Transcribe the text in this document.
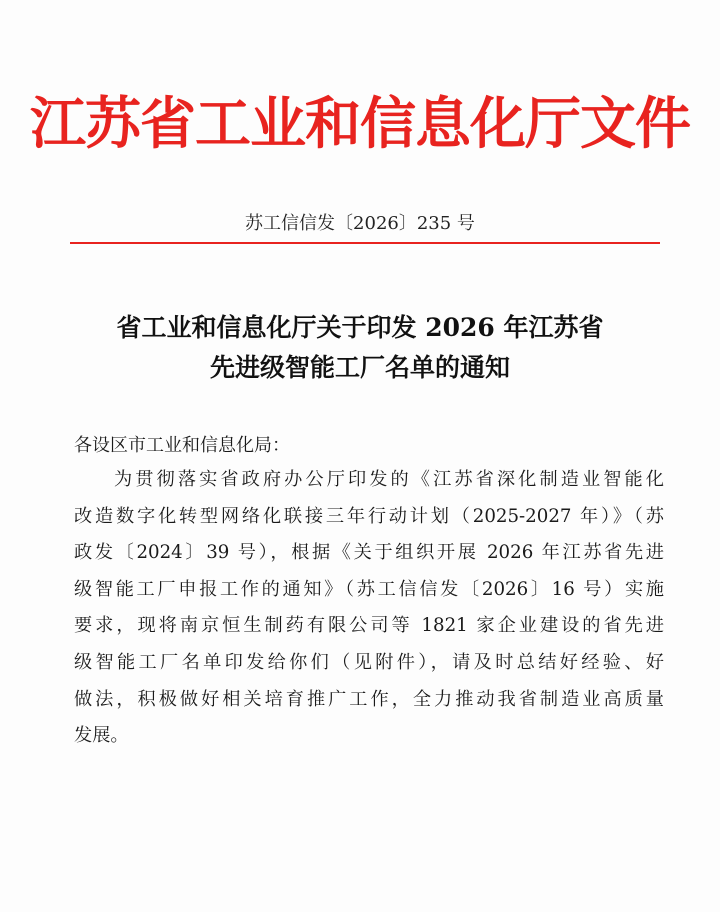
江苏省工业和信息化厅文件
苏工信信发〔2026〕235 号
省工业和信息化厅关于印发 2026 年江苏省
先进级智能工厂名单的通知
各设区市工业和信息化局：
为贯彻落实省政府办公厅印发的《江苏省深化制造业智能化
改造数字化转型网络化联接三年行动计划（2025-2027 年）》（苏
政发〔2024〕39 号），根据《关于组织开展 2026 年江苏省先进
级智能工厂申报工作的通知》（苏工信信发〔2026〕16 号）实施
要求，现将南京恒生制药有限公司等 1821 家企业建设的省先进
级智能工厂名单印发给你们（见附件），请及时总结好经验、好
做法，积极做好相关培育推广工作，全力推动我省制造业高质量
发展。
